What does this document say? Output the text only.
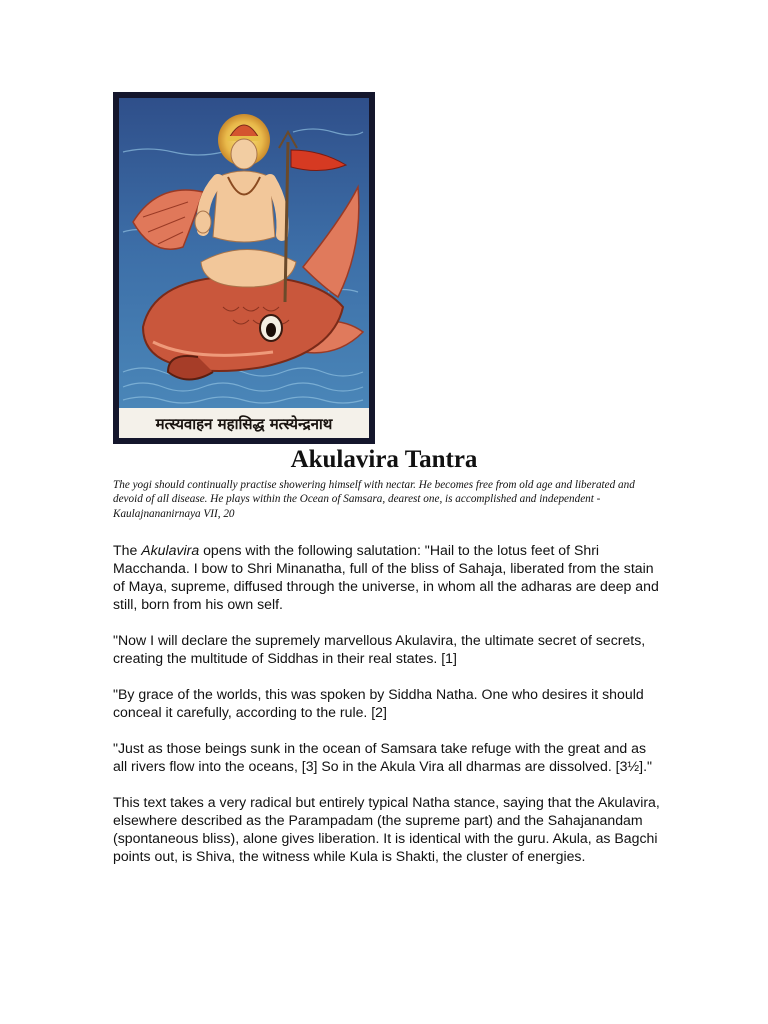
मत्स्यवाहन महासिद्ध मत्स्येन्द्रनाथ
Akulavira Tantra

The yogi should continually practise showering himself with nectar. He becomes free from old age and liberated and devoid of all disease. He plays within the Ocean of Samsara, dearest one, is accomplished and independent - Kaulajnananirnaya VII, 20

The Akulavira opens with the following salutation: "Hail to the lotus feet of Shri Macchanda. I bow to Shri Minanatha, full of the bliss of Sahaja, liberated from the stain of Maya, supreme, diffused through the universe, in whom all the adharas are deep and still, born from his own self.

"Now I will declare the supremely marvellous Akulavira, the ultimate secret of secrets, creating the multitude of Siddhas in their real states. [1]

"By grace of the worlds, this was spoken by Siddha Natha. One who desires it should conceal it carefully, according to the rule. [2]

"Just as those beings sunk in the ocean of Samsara take refuge with the great and as all rivers flow into the oceans, [3] So in the Akula Vira all dharmas are dissolved. [3½]."

This text takes a very radical but entirely typical Natha stance, saying that the Akulavira, elsewhere described as the Parampadam (the supreme part) and the Sahajanandam (spontaneous bliss), alone gives liberation. It is identical with the guru. Akula, as Bagchi points out, is Shiva, the witness while Kula is Shakti, the cluster of energies.
